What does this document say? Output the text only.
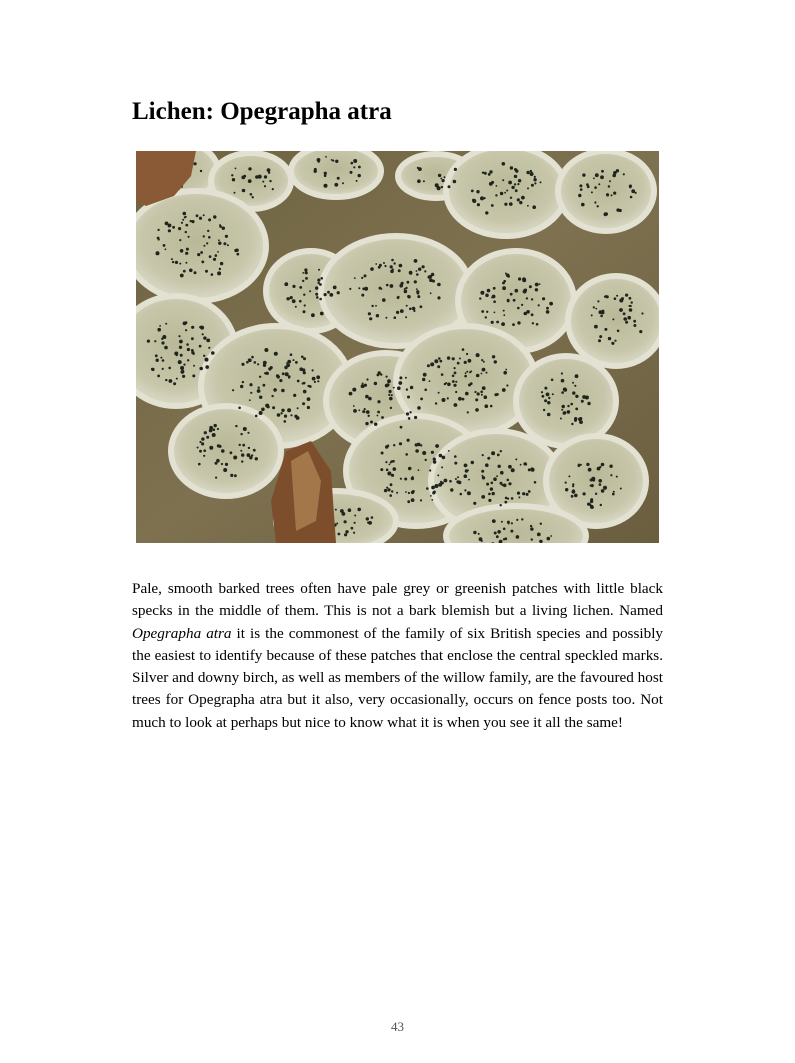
Lichen: Opegrapha atra

Pale, smooth barked trees often have pale grey or greenish patches with little black specks in the middle of them. This is not a bark blemish but a living lichen. Named Opegrapha atra it is the commonest of the family of six British species and possibly the easiest to identify because of these patches that enclose the central speckled marks. Silver and downy birch, as well as members of the willow family, are the favoured host trees for Opegrapha atra but it also, very occasionally, occurs on fence posts too. Not much to look at perhaps but nice to know what it is when you see it all the same!

43
